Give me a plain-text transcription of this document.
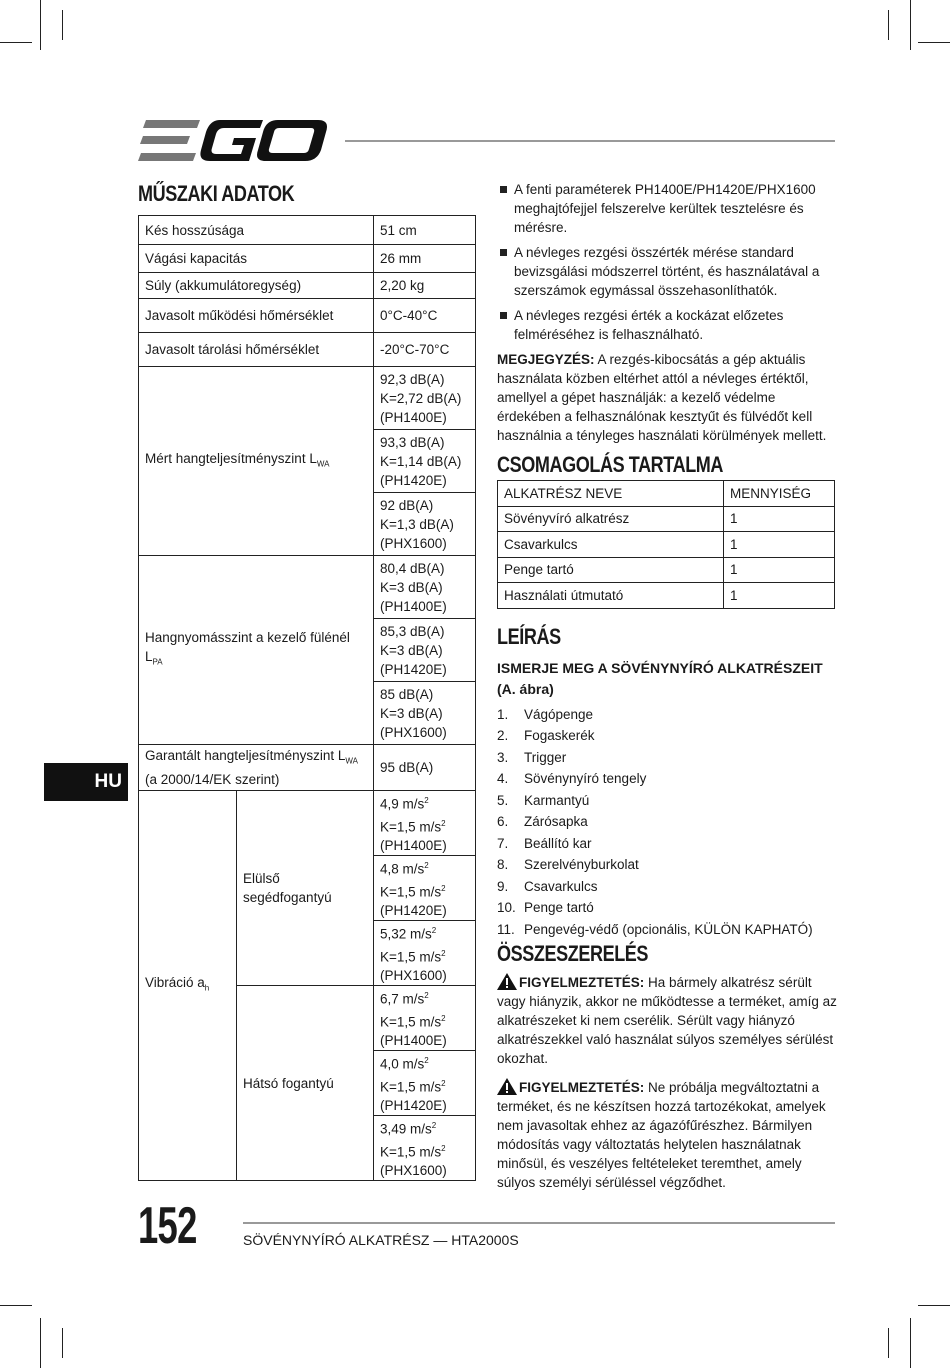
MŰSZAKI ADATOK
Kés hosszúsága		51 cm
Vágási kapacitás		26 mm
Súly (akkumulátoregység)		2,20 kg
Javasolt működési hőmérséklet		0°C-40°C
Javasolt tárolási hőmérséklet		-20°C-70°C
Mért hangteljesítményszint $L_{WA}$		92,3 dB(A)
K=2,72 dB(A)
(PH1400E)
		93,3 dB(A)
K=1,14 dB(A)
(PH1420E)
		92 dB(A)
K=1,3 dB(A)
(PHX1600)
Hangnyomásszint a kezelő fülénél $L_{PA}$		80,4 dB(A)
K=3 dB(A)
(PH1400E)
		85,3 dB(A)
K=3 dB(A)
(PH1420E)
		85 dB(A)
K=3 dB(A)
(PHX1600)
Garantált hangteljesítményszint $L_{WA}$
(a 2000/14/EK szerint)		95 dB(A)
Vibráció $a_h$	Elülső segédfogantyú	4,9 $m/s^2$
K=1,5 $m/s^2$
(PH1400E)
		4,8 $m/s^2$
K=1,5 $m/s^2$
(PH1420E)
		5,32 $m/s^2$
K=1,5 $m/s^2$
(PHX1600)
	Hátsó fogantyú	6,7 $m/s^2$
K=1,5 $m/s^2$
(PH1400E)
		4,0 $m/s^2$
K=1,5 $m/s^2$
(PH1420E)
		3,49 $m/s^2$
K=1,5 $m/s^2$
(PHX1600)
HU
A fenti paraméterek PH1400E/PH1420E/PHX1600 meghajtófejjel felszerelve kerültek tesztelésre és mérésre.
A névleges rezgési összérték mérése standard bevizsgálási módszerrel történt, és használatával a szerszámok egymással összehasonlíthatók.
A névleges rezgési érték a kockázat előzetes felméréséhez is felhasználható.

MEGJEGYZÉS: A rezgés-kibocsátás a gép aktuális használata közben eltérhet attól a névleges értéktől, amellyel a gépet használják: a kezelő védelme érdekében a felhasználónak kesztyűt és fülvédőt kell használnia a tényleges használati körülmények mellett.

CSOMAGOLÁS TARTALMA
ALKATRÉSZ NEVE	MENNYISÉG
Sövényvíró alkatrész	1
Csavarkulcs	1
Penge tartó	1
Használati útmutató	1
LEÍRÁS
ISMERJE MEG A SÖVÉNYNYÍRÓ ALKATRÉSZEIT (A. ábra)
1.	Vágópenge
2.	Fogaskerék
3.	Trigger
4.	Sövénynyíró tengely
5.	Karmantyú
6.	Zárósapka
7.	Beállító kar
8.	Szerelvényburkolat
9.	Csavarkulcs
10. Penge tartó
11. Pengevég-védő (opcionális, KÜLÖN KAPHATÓ)
ÖSSZESZERELÉS

FIGYELMEZTETÉS: Ha bármely alkatrész sérült vagy hiányzik, akkor ne működtesse a terméket, amíg az alkatrészeket ki nem cserélik. Sérült vagy hiányzó alkatrészekkel való használat súlyos személyes sérülést okozhat.

FIGYELMEZTETÉS: Ne próbálja megváltoztatni a terméket, és ne készítsen hozzá tartozékokat, amelyek nem javasoltak ehhez az ágazófűrészhez. Bármilyen módosítás vagy változtatás helytelen használatnak minősül, és veszélyes feltételeket teremthet, amely súlyos személyi sérüléssel végződhet.

152	SÖVÉNYNYÍRÓ ALKATRÉSZ — HTA2000S
